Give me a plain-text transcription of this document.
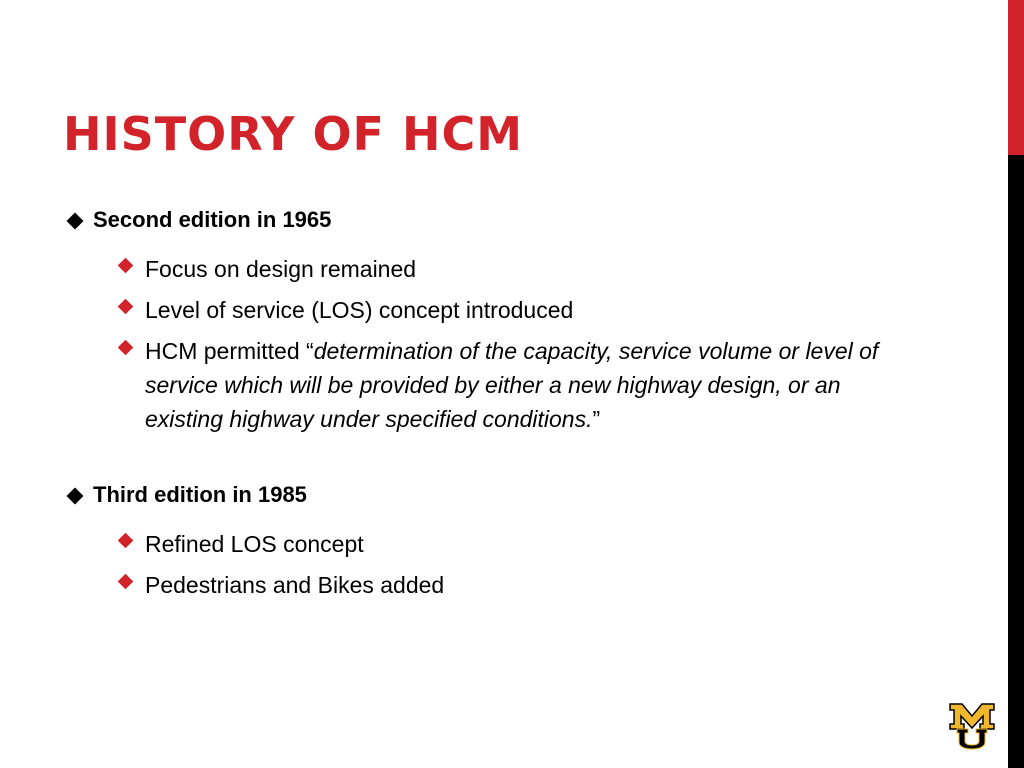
HISTORY OF HCM
Second edition in 1965
Focus on design remained
Level of service (LOS) concept introduced
HCM permitted “determination of the capacity, service volume or level of service which will be provided by either a new highway design, or an existing highway under specified conditions.”
Third edition in 1985
Refined LOS concept
Pedestrians and Bikes added
